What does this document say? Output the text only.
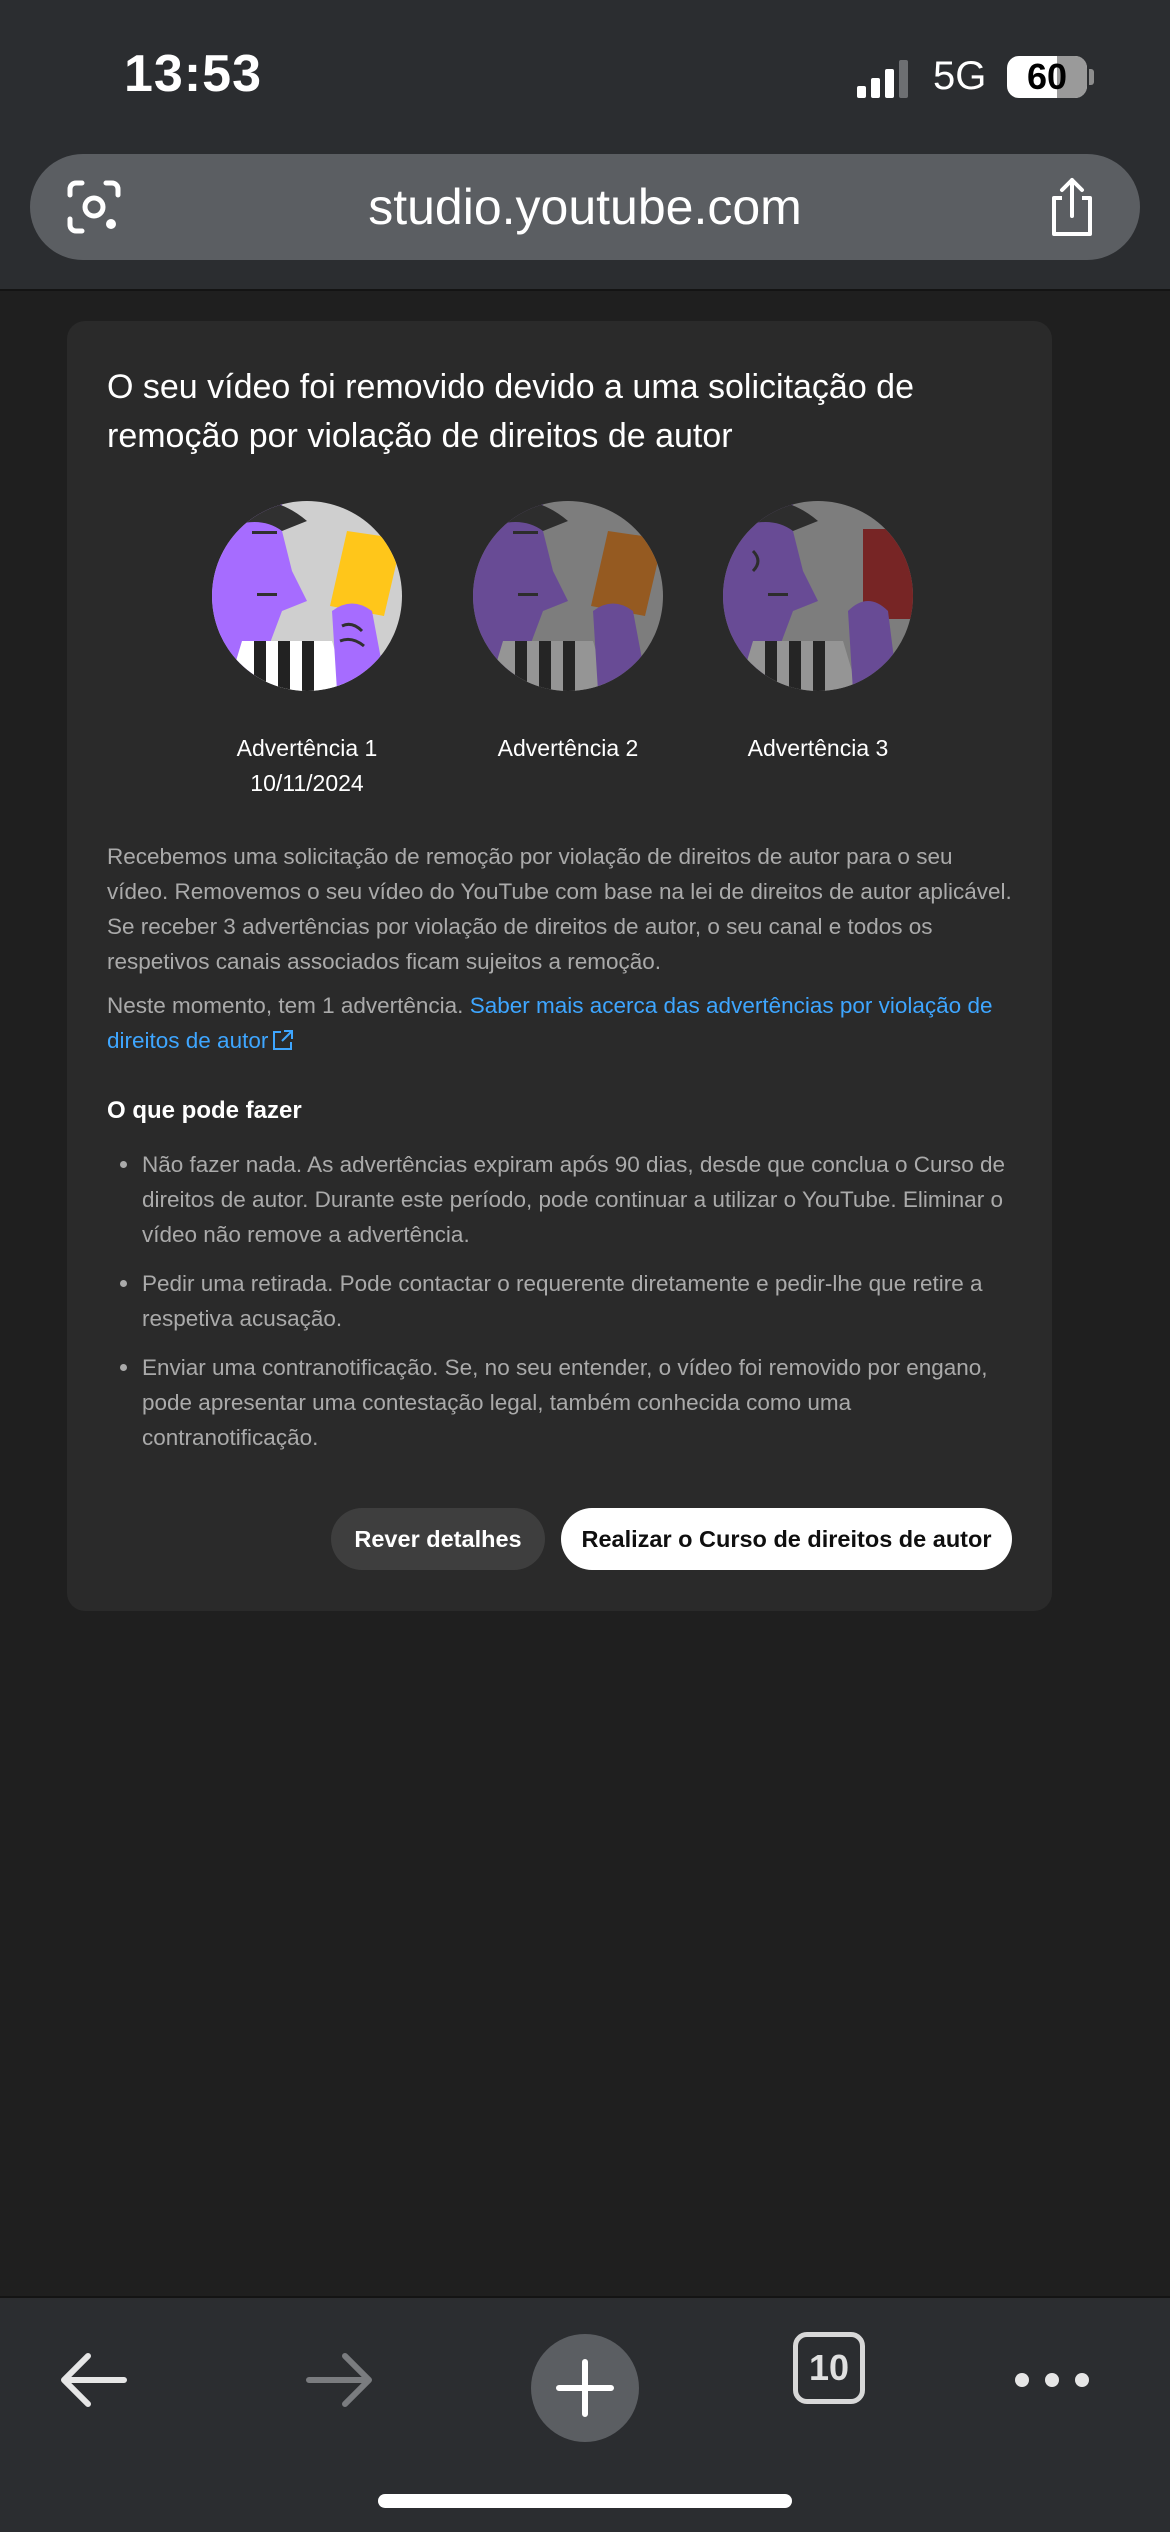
13:53	5G 60
studio.youtube.com
O seu vídeo foi removido devido a uma solicitação de remoção por violação de direitos de autor
Advertência 1
10/11/2024
Advertência 2	Advertência 3

Recebemos uma solicitação de remoção por violação de direitos de autor para o seu vídeo. Removemos o seu vídeo do YouTube com base na lei de direitos de autor aplicável. Se receber 3 advertências por violação de direitos de autor, o seu canal e todos os respetivos canais associados ficam sujeitos a remoção.

Neste momento, tem 1 advertência. Saber mais acerca das advertências por violação de direitos de autor

O que pode fazer
Não fazer nada. As advertências expiram após 90 dias, desde que conclua o Curso de direitos de autor. Durante este período, pode continuar a utilizar o YouTube. Eliminar o vídeo não remove a advertência.
Pedir uma retirada. Pode contactar o requerente diretamente e pedir-lhe que retire a respetiva acusação.
Enviar uma contranotificação. Se, no seu entender, o vídeo foi removido por engano, pode apresentar uma contestação legal, também conhecida como uma contranotificação.
Rever detalhes	Realizar o Curso de direitos de autor
10
